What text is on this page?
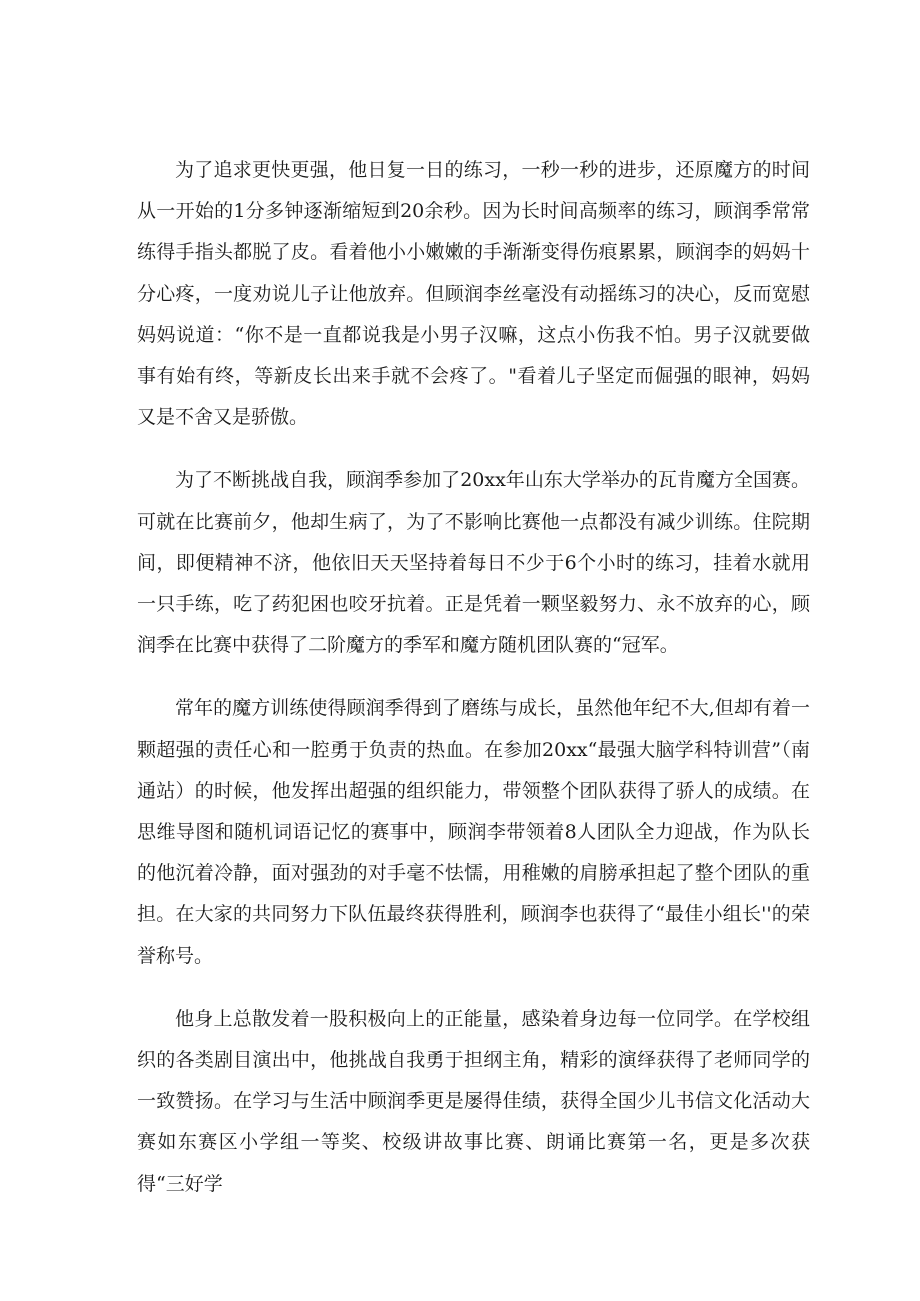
为了追求更快更强，他日复一日的练习，一秒一秒的进步，还原魔方的时间从一开始的1分多钟逐渐缩短到20余秒。因为长时间高频率的练习，顾润季常常练得手指头都脱了皮。看着他小小嫩嫩的手渐渐变得伤痕累累，顾润李的妈妈十分心疼，一度劝说儿子让他放弃。但顾润李丝毫没有动摇练习的决心，反而宽慰妈妈说道：“你不是一直都说我是小男子汉嘛，这点小伤我不怕。男子汉就要做事有始有终，等新皮长出来手就不会疼了。"看着儿子坚定而倔强的眼神，妈妈又是不舍又是骄傲。

为了不断挑战自我，顾润季参加了20xx年山东大学举办的瓦肯魔方全国赛。可就在比赛前夕，他却生病了，为了不影响比赛他一点都没有减少训练。住院期间，即便精神不济，他依旧天天坚持着每日不少于6个小时的练习，挂着水就用一只手练，吃了药犯困也咬牙抗着。正是凭着一颗坚毅努力、永不放弃的心，顾润季在比赛中获得了二阶魔方的季军和魔方随机团队赛的“冠军。

常年的魔方训练使得顾润季得到了磨练与成长，虽然他年纪不大,但却有着一颗超强的责任心和一腔勇于负责的热血。在参加20xx“最强大脑学科特训营”（南通站）的时候，他发挥出超强的组织能力，带领整个团队获得了骄人的成绩。在思维导图和随机词语记忆的赛事中，顾润李带领着8人团队全力迎战，作为队长的他沉着冷静，面对强劲的对手毫不怯懦，用稚嫩的肩膀承担起了整个团队的重担。在大家的共同努力下队伍最终获得胜利，顾润李也获得了“最佳小组长''的荣誉称号。

他身上总散发着一股积极向上的正能量，感染着身边每一位同学。在学校组织的各类剧目演出中，他挑战自我勇于担纲主角，精彩的演绎获得了老师同学的一致赞扬。在学习与生活中顾润季更是屡得佳绩，获得全国少儿书信文化活动大赛如东赛区小学组一等奖、校级讲故事比赛、朗诵比赛第一名，更是多次获得“三好学
